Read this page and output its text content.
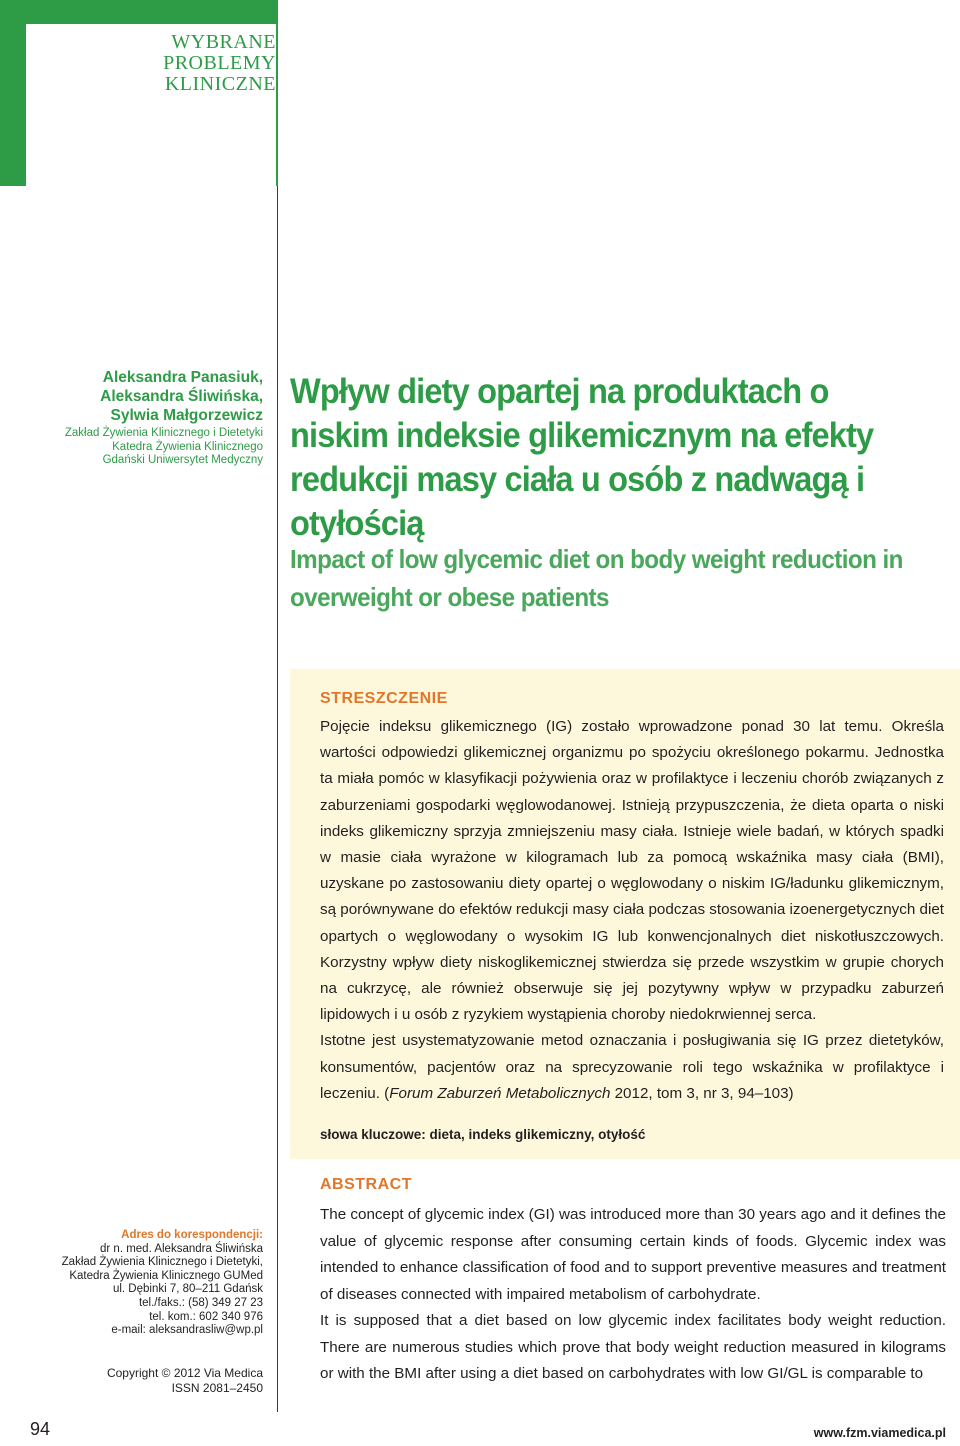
WYBRANE
PROBLEMY
KLINICZNE
Aleksandra Panasiuk,
Aleksandra Śliwińska,
Sylwia Małgorzewicz
Zakład Żywienia Klinicznego i Dietetyki
Katedra Żywienia Klinicznego
Gdański Uniwersytet Medyczny
Wpływ diety opartej na produktach o niskim indeksie glikemicznym na efekty redukcji masy ciała u osób z nadwagą i otyłością
Impact of low glycemic diet on body weight reduction in overweight or obese patients
STRESZCZENIE

Pojęcie indeksu glikemicznego (IG) zostało wprowadzone ponad 30 lat temu. Określa wartości odpowiedzi glikemicznej organizmu po spożyciu określonego pokarmu. Jednostka ta miała pomóc w klasyfikacji pożywienia oraz w profilaktyce i leczeniu chorób związanych z zaburzeniami gospodarki węglowodanowej. Istnieją przypuszczenia, że dieta oparta o niski indeks glikemiczny sprzyja zmniejszeniu masy ciała. Istnieje wiele badań, w których spadki w masie ciała wyrażone w kilogramach lub za pomocą wskaźnika masy ciała (BMI), uzyskane po zastosowaniu diety opartej o węglowodany o niskim IG/ładunku glikemicznym, są porównywane do efektów redukcji masy ciała podczas stosowania izoenergetycznych diet opartych o węglowodany o wysokim IG lub konwencjonalnych diet niskotłuszczowych. Korzystny wpływ diety niskoglikemicznej stwierdza się przede wszystkim w grupie chorych na cukrzycę, ale również obserwuje się jej pozytywny wpływ w przypadku zaburzeń lipidowych i u osób z ryzykiem wystąpienia choroby niedokrwiennej serca.

Istotne jest usystematyzowanie metod oznaczania i posługiwania się IG przez dietetyków, konsumentów, pacjentów oraz na sprecyzowanie roli tego wskaźnika w profilaktyce i leczeniu. (Forum Zaburzeń Metabolicznych 2012, tom 3, nr 3, 94–103)

słowa kluczowe: dieta, indeks glikemiczny, otyłość
ABSTRACT

The concept of glycemic index (GI) was introduced more than 30 years ago and it defines the value of glycemic response after consuming certain kinds of foods. Glycemic index was intended to enhance classification of food and to support preventive measures and treatment of diseases connected with impaired metabolism of carbohydrate.

It is supposed that a diet based on low glycemic index facilitates body weight reduction. There are numerous studies which prove that body weight reduction measured in kilograms or with the BMI after using a diet based on carbohydrates with low GI/GL is comparable to

Adres do korespondencji:
dr n. med. Aleksandra Śliwińska
Zakład Żywienia Klinicznego i Dietetyki,
Katedra Żywienia Klinicznego GUMed
ul. Dębinki 7, 80–211 Gdańsk
tel./faks.: (58) 349 27 23
tel. kom.: 602 340 976
e-mail: aleksandrasliw@wp.pl
Copyright © 2012 Via Medica
ISSN 2081–2450
94	www.fzm.viamedica.pl
